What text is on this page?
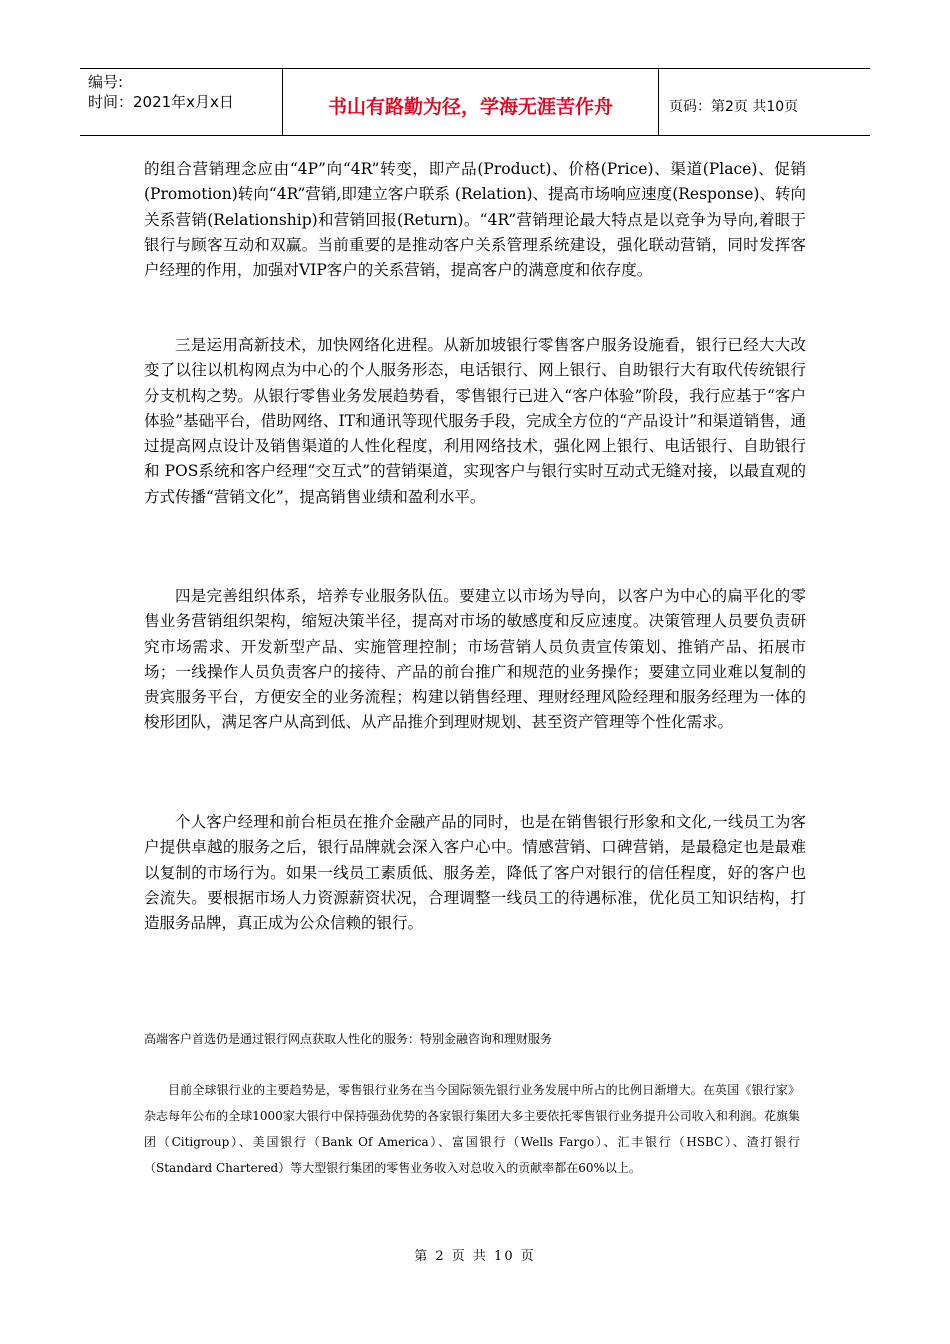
编号:
时间：2021年x月x日	书山有路勤为径，学海无涯苦作舟	页码：第2页 共10页

的组合营销理念应由“4P”向“4R”转变，即产品(Product)、价格(Price)、渠道(Place)、促销(Promotion)转向“4R”营销,即建立客户联系 (Relation)、提高市场响应速度(Response)、转向关系营销(Relationship)和营销回报(Return)。“4R”营销理论最大特点是以竞争为导向,着眼于银行与顾客互动和双赢。当前重要的是推动客户关系管理系统建设，强化联动营销，同时发挥客户经理的作用，加强对VIP客户的关系营销，提高客户的满意度和依存度。

三是运用高新技术，加快网络化进程。从新加坡银行零售客户服务设施看，银行已经大大改变了以往以机构网点为中心的个人服务形态，电话银行、网上银行、自助银行大有取代传统银行分支机构之势。从银行零售业务发展趋势看，零售银行已进入“客户体验”阶段，我行应基于“客户体验”基础平台，借助网络、IT和通讯等现代服务手段，完成全方位的“产品设计”和渠道销售，通过提高网点设计及销售渠道的人性化程度，利用网络技术，强化网上银行、电话银行、自助银行和 POS系统和客户经理“交互式”的营销渠道，实现客户与银行实时互动式无缝对接，以最直观的方式传播“营销文化”，提高销售业绩和盈利水平。

四是完善组织体系，培养专业服务队伍。要建立以市场为导向，以客户为中心的扁平化的零售业务营销组织架构，缩短决策半径，提高对市场的敏感度和反应速度。决策管理人员要负责研究市场需求、开发新型产品、实施管理控制；市场营销人员负责宣传策划、推销产品、拓展市场；一线操作人员负责客户的接待、产品的前台推广和规范的业务操作；要建立同业难以复制的贵宾服务平台，方便安全的业务流程；构建以销售经理、理财经理风险经理和服务经理为一体的梭形团队，满足客户从高到低、从产品推介到理财规划、甚至资产管理等个性化需求。

个人客户经理和前台柜员在推介金融产品的同时，也是在销售银行形象和文化,一线员工为客户提供卓越的服务之后，银行品牌就会深入客户心中。情感营销、口碑营销，是最稳定也是最难以复制的市场行为。如果一线员工素质低、服务差，降低了客户对银行的信任程度，好的客户也会流失。要根据市场人力资源薪资状况，合理调整一线员工的待遇标准，优化员工知识结构，打造服务品牌，真正成为公众信赖的银行。

高端客户首选仍是通过银行网点获取人性化的服务：特别金融咨询和理财服务

目前全球银行业的主要趋势是，零售银行业务在当今国际领先银行业务发展中所占的比例日渐增大。在英国《银行家》杂志每年公布的全球1000家大银行中保持强劲优势的各家银行集团大多主要依托零售银行业务提升公司收入和利润。花旗集团（Citigroup）、美国银行（Bank Of America）、富国银行（Wells Fargo）、汇丰银行（HSBC）、渣打银行（Standard Chartered）等大型银行集团的零售业务收入对总收入的贡献率都在60%以上。

第 2 页 共 10 页
